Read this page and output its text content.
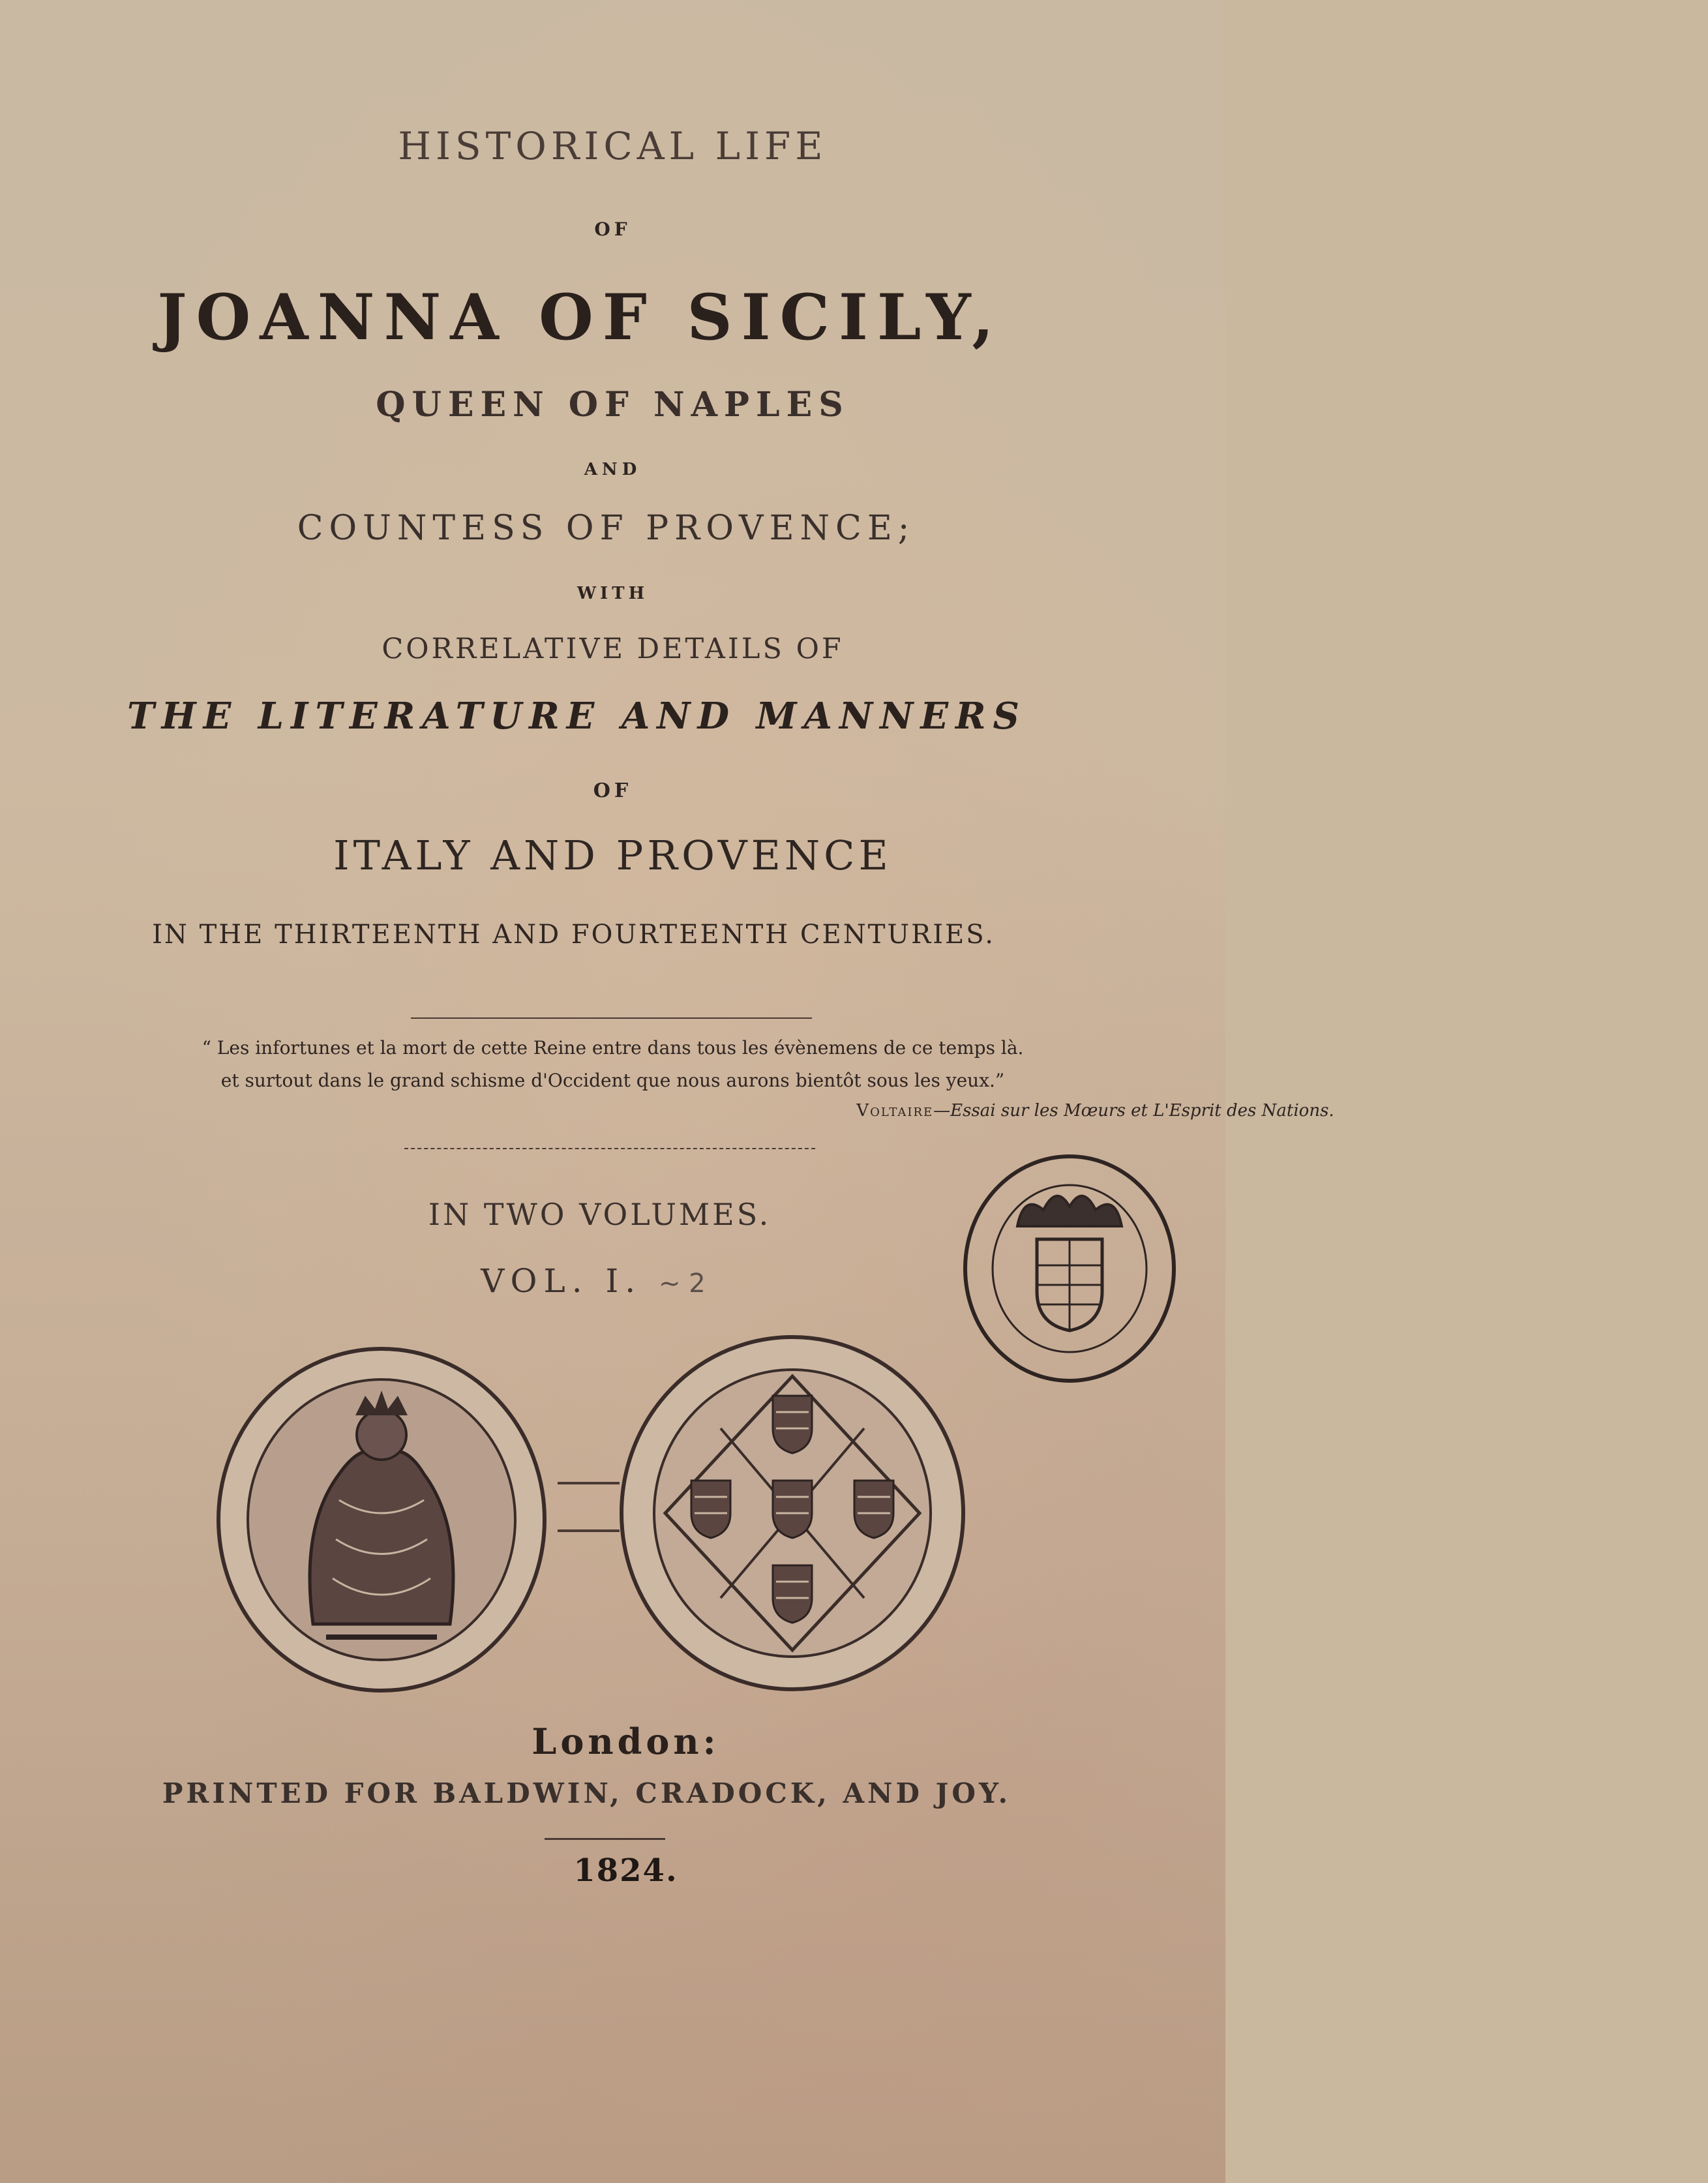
HISTORICAL LIFE
OF
JOANNA OF SICILY,
QUEEN OF NAPLES
AND
COUNTESS OF PROVENCE;
WITH
CORRELATIVE DETAILS OF
THE LITERATURE AND MANNERS
OF
ITALY AND PROVENCE
IN THE THIRTEENTH AND FOURTEENTH CENTURIES.
“ Les infortunes et la mort de cette Reine entre dans tous les évènemens de ce temps là.
et surtout dans le grand schisme d'Occident que nous aurons bientôt sous les yeux.”
Voltaire—Essai sur les Mœurs et L'Esprit des Nations.
IN TWO VOLUMES.
VOL. I. ~ 2
London:
PRINTED FOR BALDWIN, CRADOCK, AND JOY.
1824.
